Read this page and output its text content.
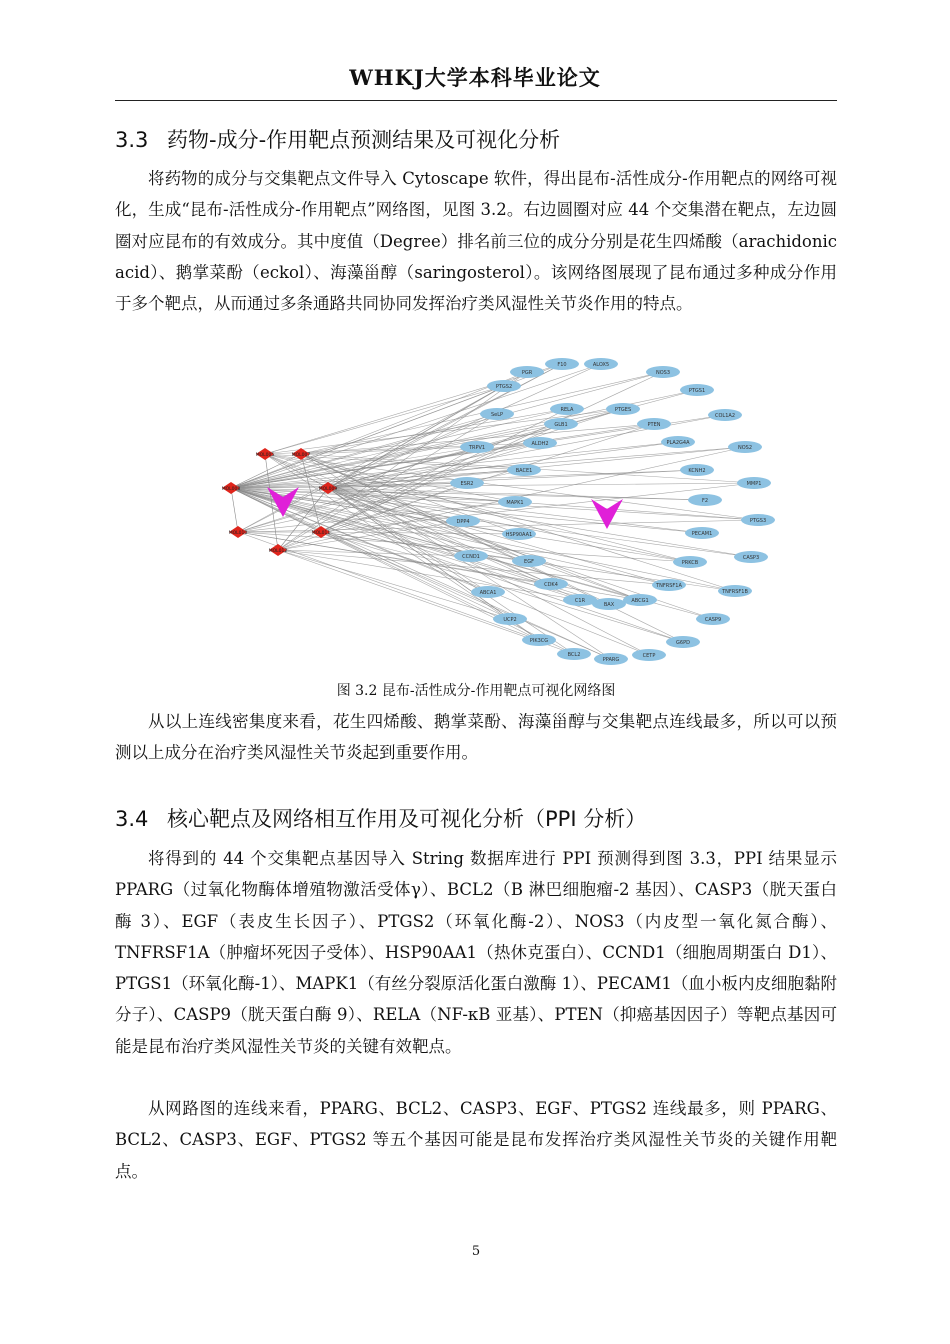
WHKJ大学本科毕业论文
3.3 药物-成分-作用靶点预测结果及可视化分析

将药物的成分与交集靶点文件导入 Cytoscape 软件，得出昆布-活性成分-作用靶点的网络可视化，生成“昆布-活性成分-作用靶点”网络图，见图 3.2。右边圆圈对应 44 个交集潜在靶点，左边圆圈对应昆布的有效成分。其中度值（Degree）排名前三位的成分分别是花生四烯酸（arachidonic acid）、鹅掌菜酚（eckol）、海藻甾醇（saringosterol）。该网络图展现了昆布通过多种成分作用于多个靶点，从而通过多条通路共同协同发挥治疗类风湿性关节炎作用的特点。

F10	ALOX5
PGR	NOS3
PTGS2
PTGS1
SeLP
RELA	PTGES
COL1A2
GLB1	PTEN
ALDH2	PLA2G4A
NOS2
TRPV1
BACE1	KCNH2
ESR2	MMP1
MAPK1	F2
DPP4
HSP90AA1
PTGS3
PECAM1
CCND1
EGF	PRKCB
CASP3
TNFRSF1A
TNFRSF1B
CDK4
ABCA1
C1R
BAX
ABCG1
CASP9
UCP2
G6PD
PIK3CG
CETP
BCL2
PPARG
MOL005	MOL007
MOL008	MOL009
MOL010	MOL011
MOL012
图 3.2 昆布-活性成分-作用靶点可视化网络图

从以上连线密集度来看，花生四烯酸、鹅掌菜酚、海藻甾醇与交集靶点连线最多，所以可以预测以上成分在治疗类风湿性关节炎起到重要作用。

3.4 核心靶点及网络相互作用及可视化分析（PPI 分析）

将得到的 44 个交集靶点基因导入 String 数据库进行 PPI 预测得到图 3.3，PPI 结果显示 PPARG（过氧化物酶体增殖物激活受体γ）、BCL2（B 淋巴细胞瘤-2 基因）、CASP3（胱天蛋白酶 3）、EGF（表皮生长因子）、PTGS2（环氧化酶-2）、NOS3（内皮型一氧化氮合酶）、TNFRSF1A（肿瘤坏死因子受体）、HSP90AA1（热休克蛋白）、CCND1（细胞周期蛋白 D1）、PTGS1（环氧化酶-1）、MAPK1（有丝分裂原活化蛋白激酶 1）、PECAM1（血小板内皮细胞黏附分子）、CASP9（胱天蛋白酶 9）、RELA（NF-κB 亚基）、PTEN（抑癌基因因子）等靶点基因可能是昆布治疗类风湿性关节炎的关键有效靶点。

从网路图的连线来看，PPARG、BCL2、CASP3、EGF、PTGS2 连线最多，则 PPARG、BCL2、CASP3、EGF、PTGS2 等五个基因可能是昆布发挥治疗类风湿性关节炎的关键作用靶点。

5
